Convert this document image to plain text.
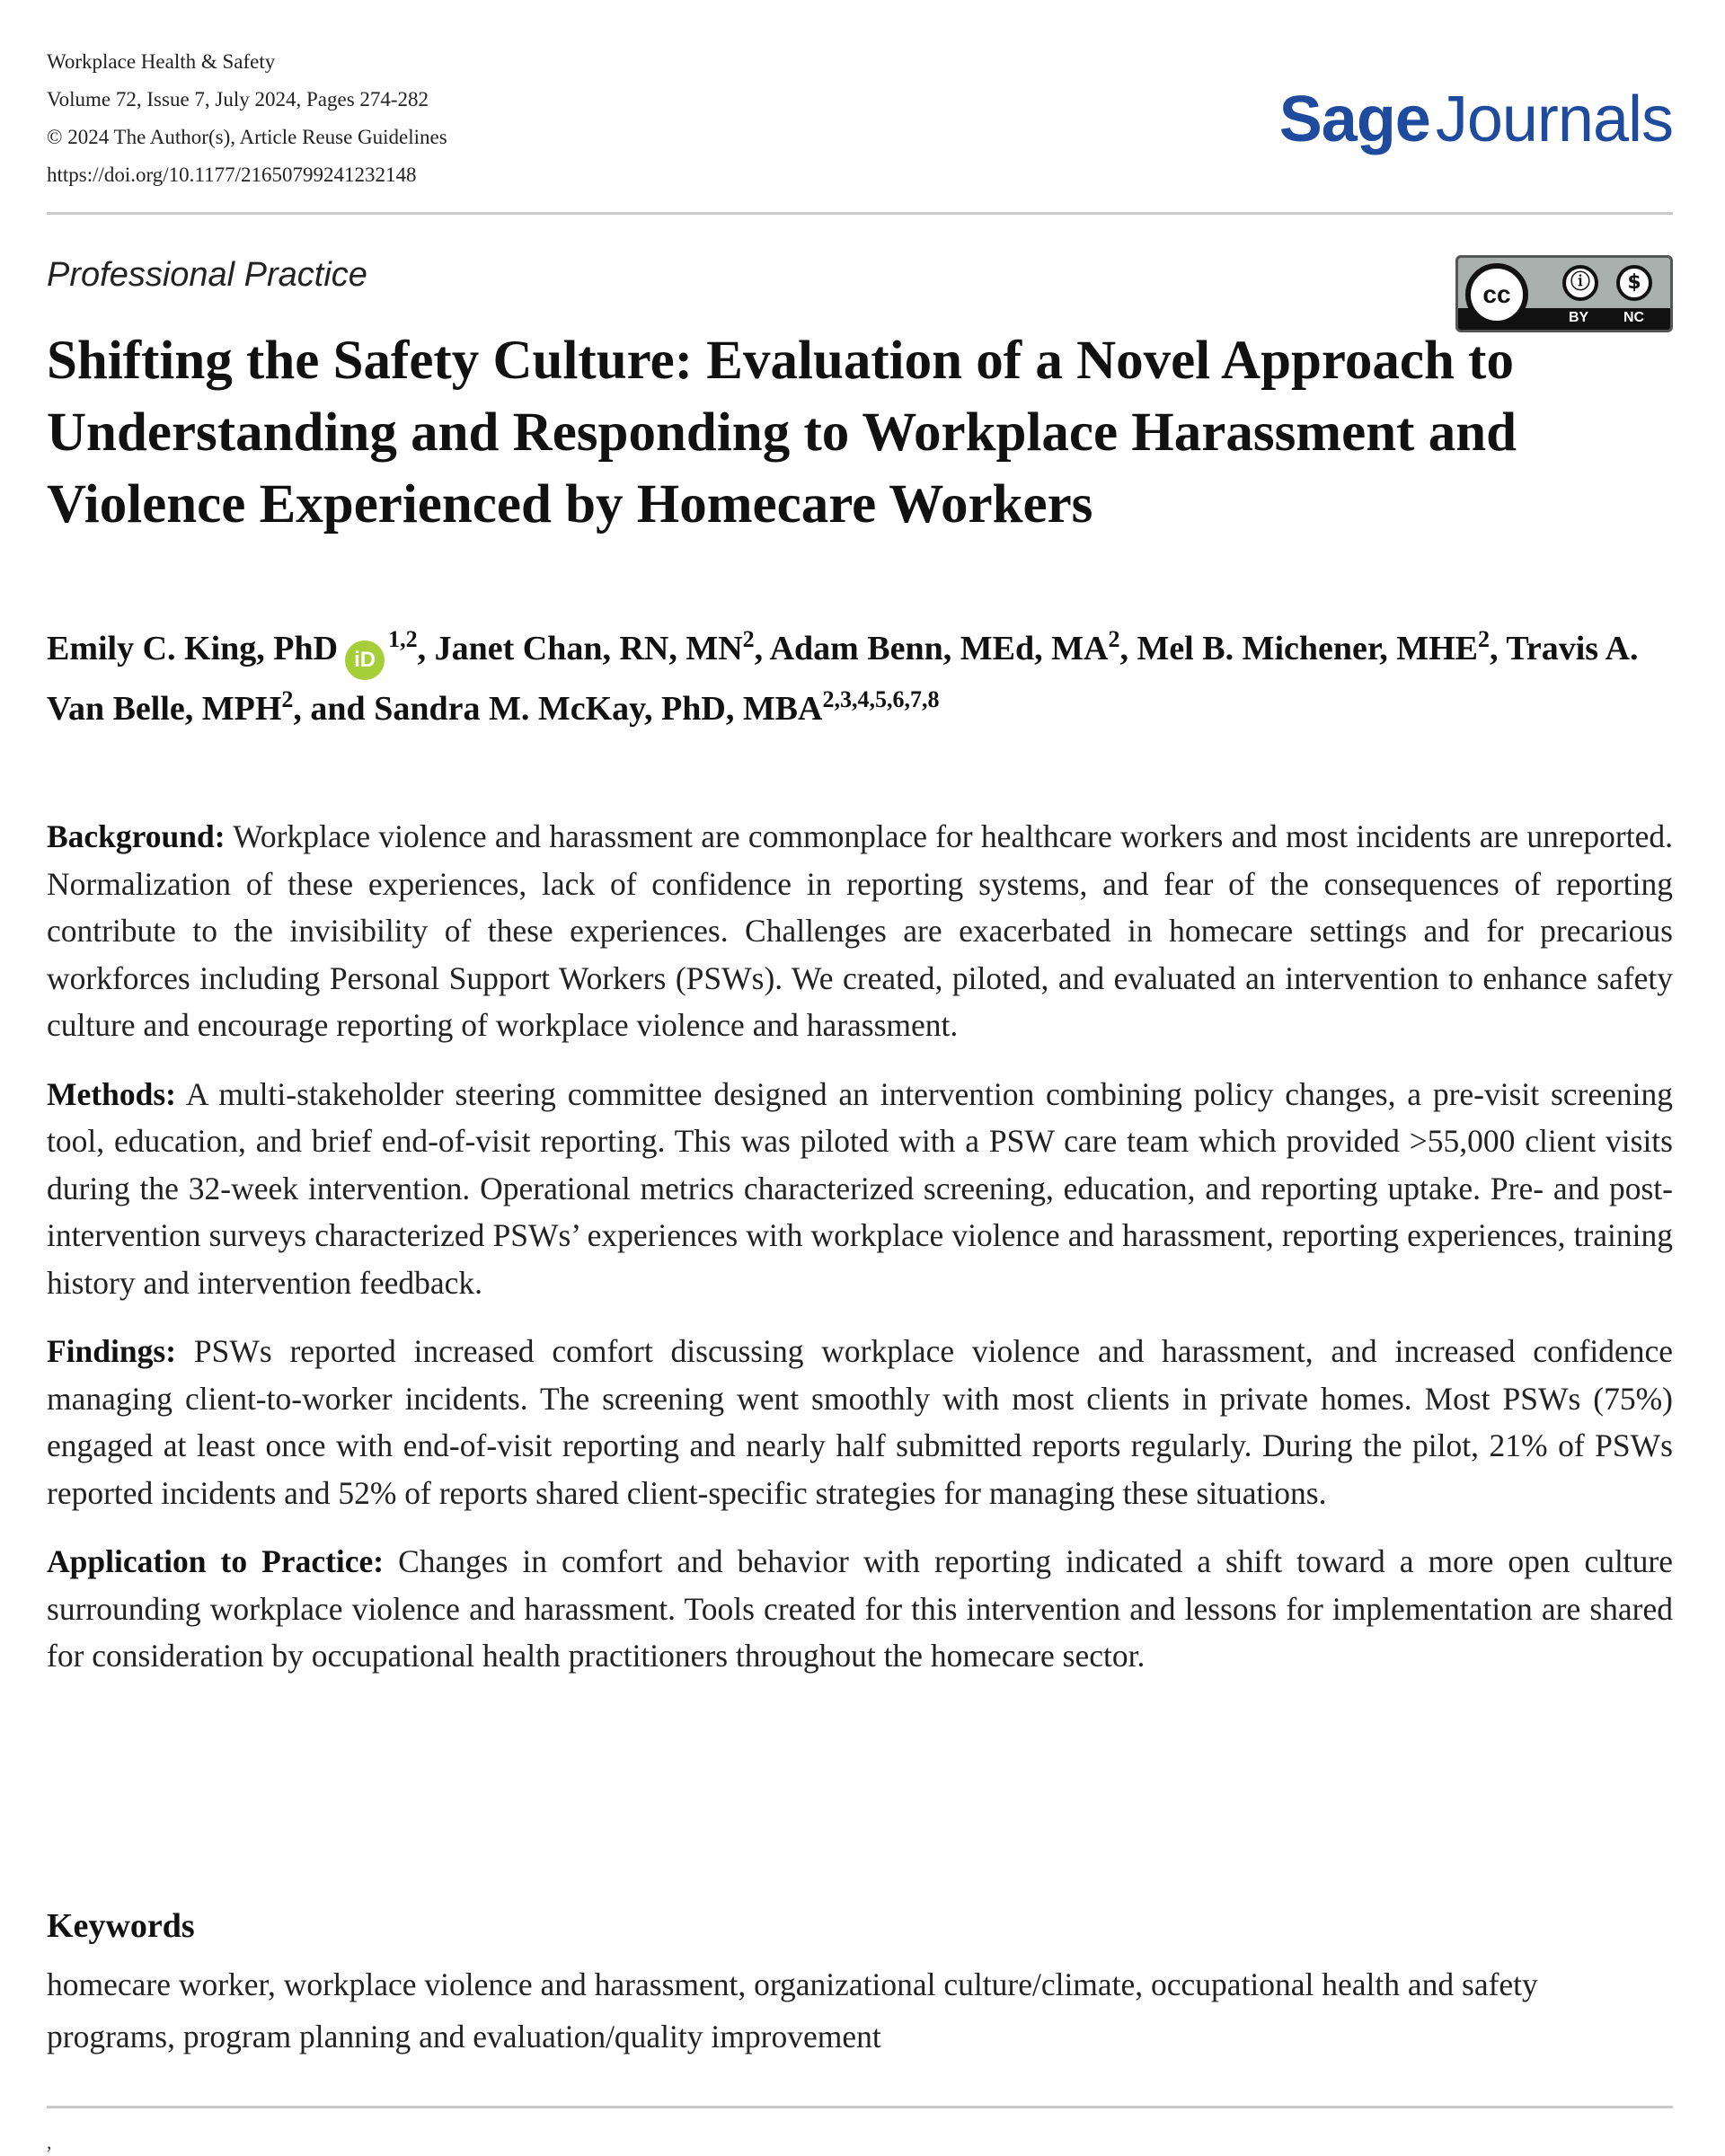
Workplace Health & Safety
Volume 72, Issue 7, July 2024, Pages 274-282
© 2024 The Author(s), Article Reuse Guidelines
https://doi.org/10.1177/21650799241232148
SageJournals
Professional Practice
cc	ⓘ	$
BY NC
Shifting the Safety Culture: Evaluation of a Novel Approach to Understanding and Responding to Workplace Harassment and Violence Experienced by Homecare Workers
Emily C. King, PhD iD$^{1,2}$, Janet Chan, RN, $MN^2$, Adam Benn, MEd, $MA^2$, Mel B. Michener, MHE$^2$, Travis A. Van Belle, MPH$^2$, and Sandra M. McKay, PhD, MBA$^{2,3,4,5,6,7,8}$

Background: Workplace violence and harassment are commonplace for healthcare workers and most incidents are unreported. Normalization of these experiences, lack of confidence in reporting systems, and fear of the consequences of reporting contribute to the invisibility of these experiences. Challenges are exacerbated in homecare settings and for precarious workforces including Personal Support Workers (PSWs). We created, piloted, and evaluated an intervention to enhance safety culture and encourage reporting of workplace violence and harassment.

Methods: A multi-stakeholder steering committee designed an intervention combining policy changes, a pre-visit screening tool, education, and brief end-of-visit reporting. This was piloted with a PSW care team which provided >55,000 client visits during the 32-week intervention. Operational metrics characterized screening, education, and reporting uptake. Pre- and post-intervention surveys characterized PSWs’ experiences with workplace violence and harassment, reporting experiences, training history and intervention feedback.

Findings: PSWs reported increased comfort discussing workplace violence and harassment, and increased confidence managing client-to-worker incidents. The screening went smoothly with most clients in private homes. Most PSWs (75%) engaged at least once with end-of-visit reporting and nearly half submitted reports regularly. During the pilot, 21% of PSWs reported incidents and 52% of reports shared client-specific strategies for managing these situations.

Application to Practice: Changes in comfort and behavior with reporting indicated a shift toward a more open culture surrounding workplace violence and harassment. Tools created for this intervention and lessons for implementation are shared for consideration by occupational health practitioners throughout the homecare sector.

Keywords
homecare worker, workplace violence and harassment, organizational culture/climate, occupational health and safety programs, program planning and evaluation/quality improvement
,
